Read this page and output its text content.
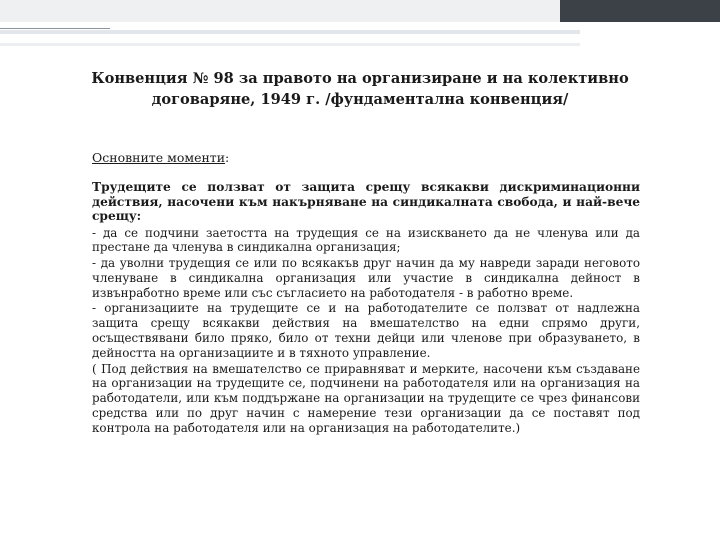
Конвенция № 98 за правото на организиране и на колективно договаряне, 1949 г. /фундаментална конвенция/

Основните моменти:

Трудещите се ползват от защита срещу всякакви дискриминационни действия, насочени към накърняване на синдикалната свобода, и най-вече срещу:

- да се подчини заетостта на трудещия се на изискването да не членува или да престане да членува в синдикална организация;

- да уволни трудещия се или по всякакъв друг начин да му навреди заради неговото членуване в синдикална организация или участие в синдикална дейност в извънработно време или със съгласието на работодателя - в работно време.

- организациите на трудещите се и на работодателите се ползват от надлежна защита срещу всякакви действия на вмешателство на едни спрямо други, осъществявани било пряко, било от техни дейци или членове при образуването, в дейността на организациите и в тяхното управление.

( Под действия на вмешателство се приравняват и мерките, насочени към създаване на организации на трудещите се, подчинени на работодателя или на организация на работодатели, или към поддържане на организации на трудещите се чрез финансови средства или по друг начин с намерение тези организации да се поставят под контрола на работодателя или на организация на работодателите.)
